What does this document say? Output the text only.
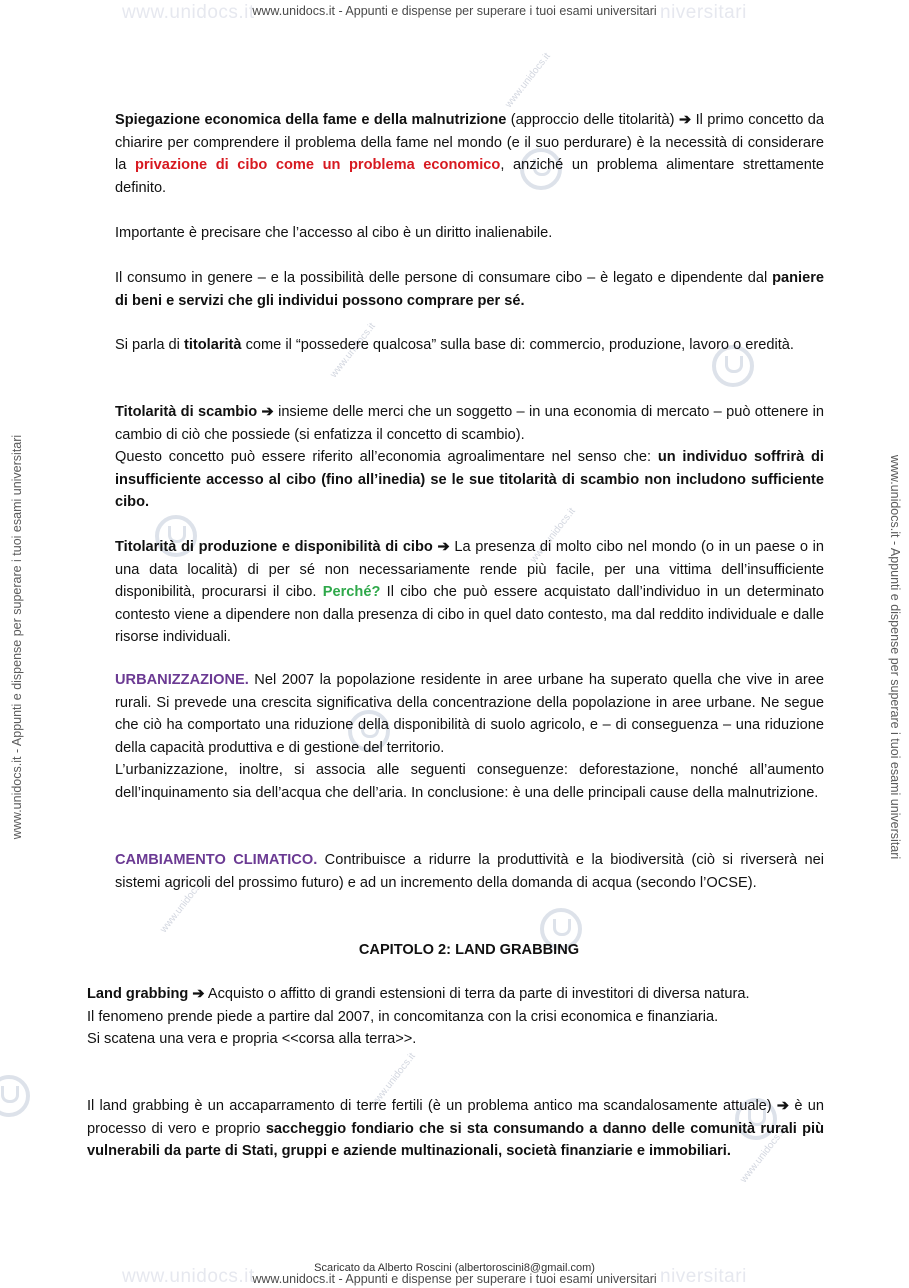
www.unidocs.it	niversitari
www.unidocs.it - Appunti e dispense per superare i tuoi esami universitari
www.unidocs.it	niversitari
Scaricato da Alberto Roscini (albertoroscini8@gmail.com)
www.unidocs.it - Appunti e dispense per superare i tuoi esami universitari
www.unidocs.it - Appunti e dispense per superare i tuoi esami universitari	www.unidocs.it - Appunti e dispense per superare i tuoi esami universitari
www.unidocs.it
www.unidocs.it
www.unidocs.it
www.unidocs.it
www.unidocs.it
www.unidocs.it

Spiegazione economica della fame e della malnutrizione (approccio delle titolarità) ➔ Il primo concetto da chiarire per comprendere il problema della fame nel mondo (e il suo perdurare) è la necessità di considerare la privazione di cibo come un problema economico, anziché un problema alimentare strettamente definito.

Importante è precisare che l’accesso al cibo è un diritto inalienabile.

Il consumo in genere – e la possibilità delle persone di consumare cibo – è legato e dipendente dal paniere di beni e servizi che gli individui possono comprare per sé.

Si parla di titolarità come il “possedere qualcosa” sulla base di: commercio, produzione, lavoro o eredità.

Titolarità di scambio ➔ insieme delle merci che un soggetto – in una economia di mercato – può ottenere in cambio di ciò che possiede (si enfatizza il concetto di scambio).
Questo concetto può essere riferito all’economia agroalimentare nel senso che: un individuo soffrirà di insufficiente accesso al cibo (fino all’inedia) se le sue titolarità di scambio non includono sufficiente cibo.

Titolarità di produzione e disponibilità di cibo ➔ La presenza di molto cibo nel mondo (o in un paese o in una data località) di per sé non necessariamente rende più facile, per una vittima dell’insufficiente disponibilità, procurarsi il cibo. Perché? Il cibo che può essere acquistato dall’individuo in un determinato contesto viene a dipendere non dalla presenza di cibo in quel dato contesto, ma dal reddito individuale e dalle risorse individuali.

URBANIZZAZIONE. Nel 2007 la popolazione residente in aree urbane ha superato quella che vive in aree rurali. Si prevede una crescita significativa della concentrazione della popolazione in aree urbane. Ne segue che ciò ha comportato una riduzione della disponibilità di suolo agricolo, e – di conseguenza – una riduzione della capacità produttiva e di gestione del territorio.
L’urbanizzazione, inoltre, si associa alle seguenti conseguenze: deforestazione, nonché all’aumento dell’inquinamento sia dell’acqua che dell’aria. In conclusione: è una delle principali cause della malnutrizione.

CAMBIAMENTO CLIMATICO. Contribuisce a ridurre la produttività e la biodiversità (ciò si riverserà nei sistemi agricoli del prossimo futuro) e ad un incremento della domanda di acqua (secondo l’OCSE).

CAPITOLO 2: LAND GRABBING

Land grabbing ➔ Acquisto o affitto di grandi estensioni di terra da parte di investitori di diversa natura.
Il fenomeno prende piede a partire dal 2007, in concomitanza con la crisi economica e finanziaria.
Si scatena una vera e propria <<corsa alla terra>>.

Il land grabbing è un accaparramento di terre fertili (è un problema antico ma scandalosamente attuale) ➔ è un processo di vero e proprio saccheggio fondiario che si sta consumando a danno delle comunità rurali più vulnerabili da parte di Stati, gruppi e aziende multinazionali, società finanziarie e immobiliari.
